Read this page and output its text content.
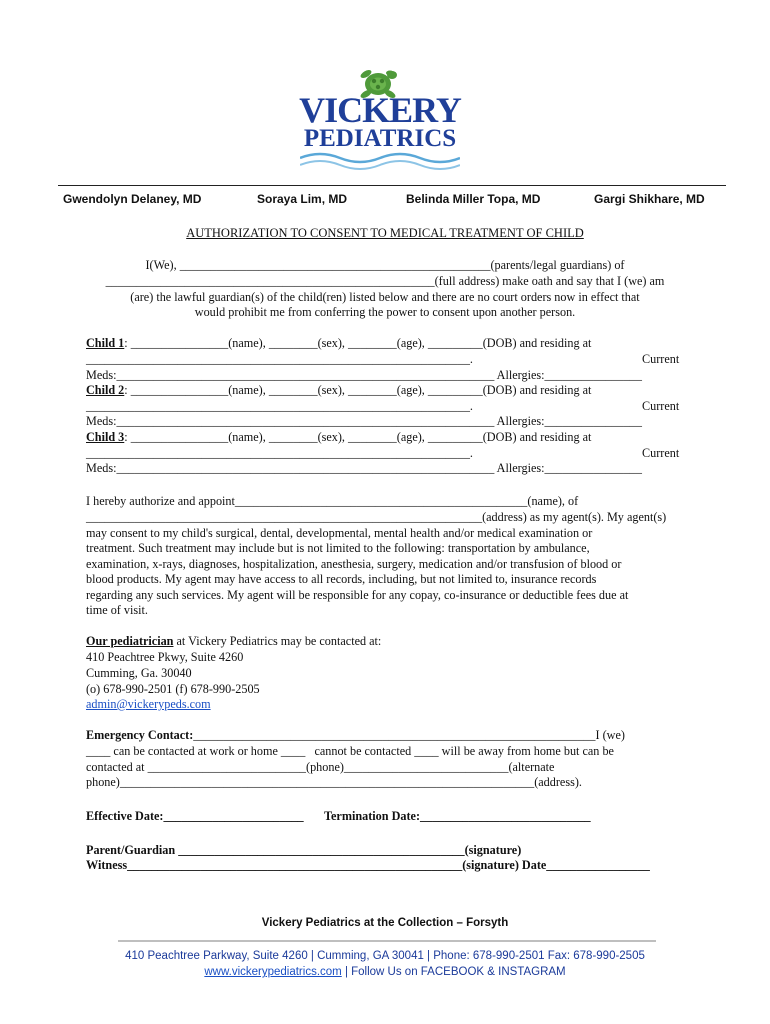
VICKERY
PEDIATRICS
Gwendolyn Delaney, MD	Soraya Lim, MD	Belinda Miller Topa, MD	Gargi Shikhare, MD
AUTHORIZATION TO CONSENT TO MEDICAL TREATMENT OF CHILD
I(We), ___________________________________________________(parents/legal guardians) of
______________________________________________________(full address) make oath and say that I (we) am
(are) the lawful guardian(s) of the child(ren) listed below and there are no court orders now in effect that
would prohibit me from conferring the power to consent upon another person.
Child 1: ________________(name), ________(sex), ________(age), _________(DOB) and residing at
_______________________________________________________________.	Current
Meds:______________________________________________________________ Allergies:________________
Child 2: ________________(name), ________(sex), ________(age), _________(DOB) and residing at
_______________________________________________________________.	Current
Meds:______________________________________________________________ Allergies:________________
Child 3: ________________(name), ________(sex), ________(age), _________(DOB) and residing at
_______________________________________________________________.	Current
Meds:______________________________________________________________ Allergies:________________
I hereby authorize and appoint________________________________________________(name), of
_________________________________________________________________(address) as my agent(s). My agent(s)
may consent to my child's surgical, dental, developmental, mental health and/or medical examination or
treatment. Such treatment may include but is not limited to the following: transportation by ambulance,
examination, x-rays, diagnoses, hospitalization, anesthesia, surgery, medication and/or transfusion of blood or
blood products. My agent may have access to all records, including, but not limited to, insurance records
regarding any such services. My agent will be responsible for any copay, co-insurance or deductible fees due at
time of visit.
Our pediatrician at Vickery Pediatrics may be contacted at:
410 Peachtree Pkwy, Suite 4260
Cumming, Ga. 30040
(o) 678-990-2501 (f) 678-990-2505
admin@vickerypeds.com
Emergency Contact:__________________________________________________________________I (we)
____ can be contacted at work or home ____   cannot be contacted ____ will be away from home but can be
contacted at __________________________(phone)___________________________(alternate
phone)____________________________________________________________________(address).
Effective Date:_______________________ Termination Date:____________________________
Parent/Guardian _______________________________________________(signature)
Witness_______________________________________________________(signature) Date_________________
Vickery Pediatrics at the Collection – Forsyth
410 Peachtree Parkway, Suite 4260 | Cumming, GA 30041 | Phone: 678-990-2501 Fax: 678-990-2505
www.vickerypediatrics.com | Follow Us on FACEBOOK & INSTAGRAM
